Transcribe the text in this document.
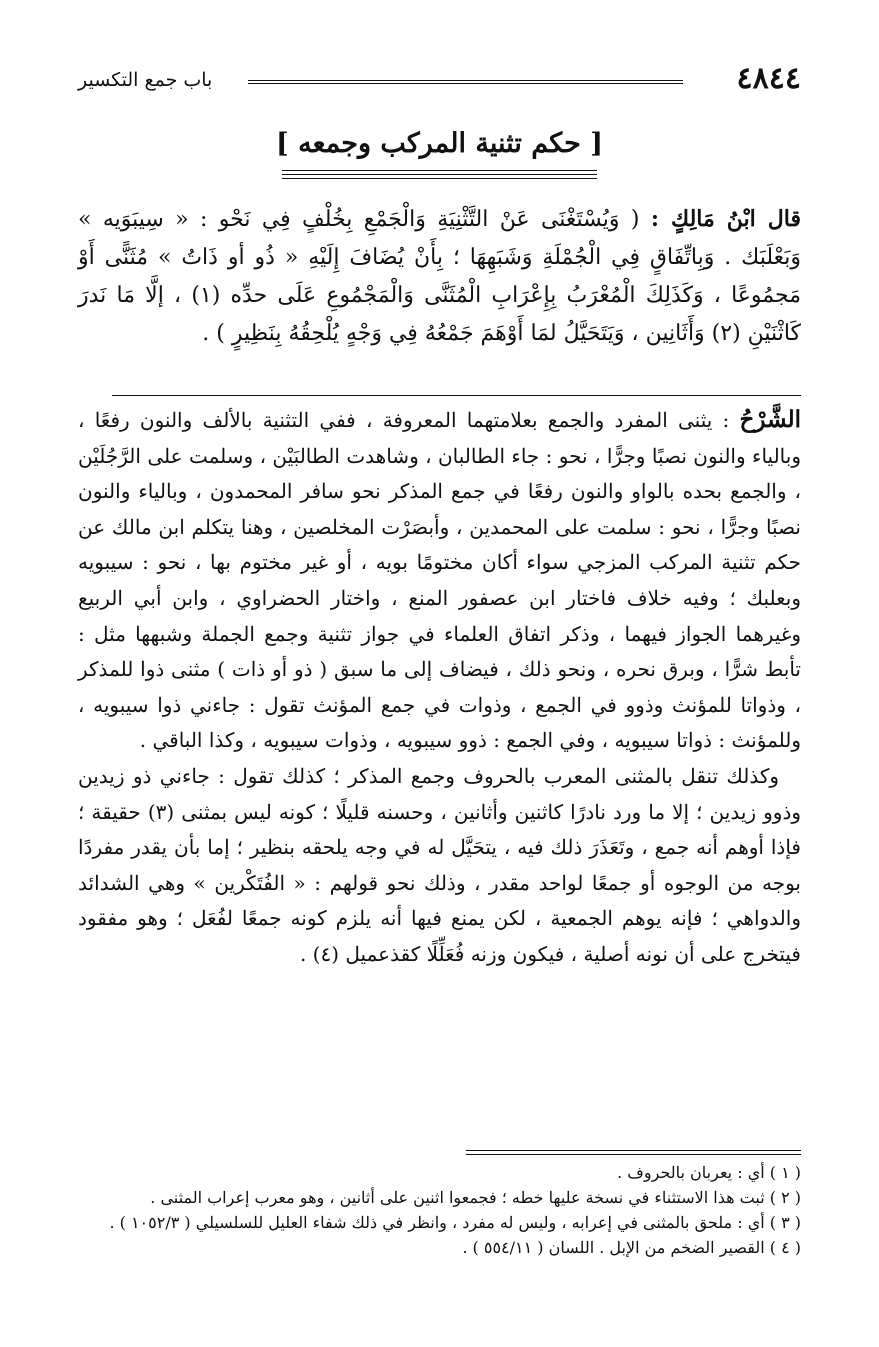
٤٨٤٤
باب جمع التكسير
[ حكم تثنية المركب وجمعه ]

قال ابْنُ مَالِكٍ : ( وَيُسْتَغْنَى عَنْ التَّثْنِيَةِ وَالْجَمْعِ بِخُلْفٍ فِي نَحْو : « سِيبَوَيه » وَبَعْلَبَك . وَبِاتِّفَاقٍ فِي الْجُمْلَةِ وَشَبَهِهَا ؛ بِأَنْ يُضَافَ إِلَيْهِ « ذُو أو ذَاتُ » مُثَنًّى أَوْ مَجمُوعًا ، وَكَذَلِكَ الْمُعْرَبُ بِإِعْرَابِ الْمُثَنَّى وَالْمَجْمُوعِ عَلَى حدِّه (١) ، إلَّا مَا نَدرَ كَاثْنَيْنِ (٢) وَأَثَانِين ، وَيَتَحَيَّلُ لمَا أَوْهَمَ جَمْعُهُ فِي وَجْهٍ يُلْحِقُهُ بِنَظِيرٍ ) .

الشَّرْحُ : يثنى المفرد والجمع بعلامتهما المعروفة ، ففي التثنية بالألف والنون رفعًا ، وبالياء والنون نصبًا وجرًّا ، نحو : جاء الطالبان ، وشاهدت الطالبَيْن ، وسلمت على الرَّجُلَيْن ، والجمع بحده بالواو والنون رفعًا في جمع المذكر نحو سافر المحمدون ، وبالياء والنون نصبًا وجرًّا ، نحو : سلمت على المحمدين ، وأبصَرْت المخلصين ، وهنا يتكلم ابن مالك عن حكم تثنية المركب المزجي سواء أكان مختومًا بويه ، أو غير مختوم بها ، نحو : سيبويه وبعلبك ؛ وفيه خلاف فاختار ابن عصفور المنع ، واختار الحضراوي ، وابن أبي الربيع وغيرهما الجواز فيهما ، وذكر اتفاق العلماء في جواز تثنية وجمع الجملة وشبهها مثل : تأبط شرًّا ، وبرق نحره ، ونحو ذلك ، فيضاف إلى ما سبق ( ذو أو ذات ) مثنى ذوا للمذكر ، وذواتا للمؤنث وذوو في الجمع ، وذوات في جمع المؤنث تقول : جاءني ذوا سيبويه ، وللمؤنث : ذواتا سيبويه ، وفي الجمع : ذوو سيبويه ، وذوات سيبويه ، وكذا الباقي .

وكذلك تنقل بالمثنى المعرب بالحروف وجمع المذكر ؛ كذلك تقول : جاءني ذو زيدين وذوو زيدين ؛ إلا ما ورد نادرًا كاثنين وأثانين ، وحسنه قليلًا ؛ كونه ليس بمثنى (٣) حقيقة ؛ فإذا أوهم أنه جمع ، وتَعَذَرَ ذلك فيه ، يتحَيَّل له في وجه يلحقه بنظير ؛ إما بأن يقدر مفردًا بوجه من الوجوه أو جمعًا لواحد مقدر ، وذلك نحو قولهم : « الفُتَكْرين » وهي الشدائد والدواهي ؛ فإنه يوهم الجمعية ، لكن يمنع فيها أنه يلزم كونه جمعًا لفُعَل ؛ وهو مفقود فيتخرج على أن نونه أصلية ، فيكون وزنه فُعَلِّلًا كقذعميل (٤) .

( ١ ) أي : يعربان بالحروف .

( ٢ ) ثبت هذا الاستثناء في نسخة عليها خطه ؛ فجمعوا اثنين على أثانين ، وهو معرب إعراب المثنى .

( ٣ ) أي : ملحق بالمثنى في إعرابه ، وليس له مفرد ، وانظر في ذلك شفاء العليل للسلسيلي ( ١٠٥٢/٣ ) .

( ٤ ) القصير الضخم من الإبل . اللسان ( ٥٥٤/١١ ) .
